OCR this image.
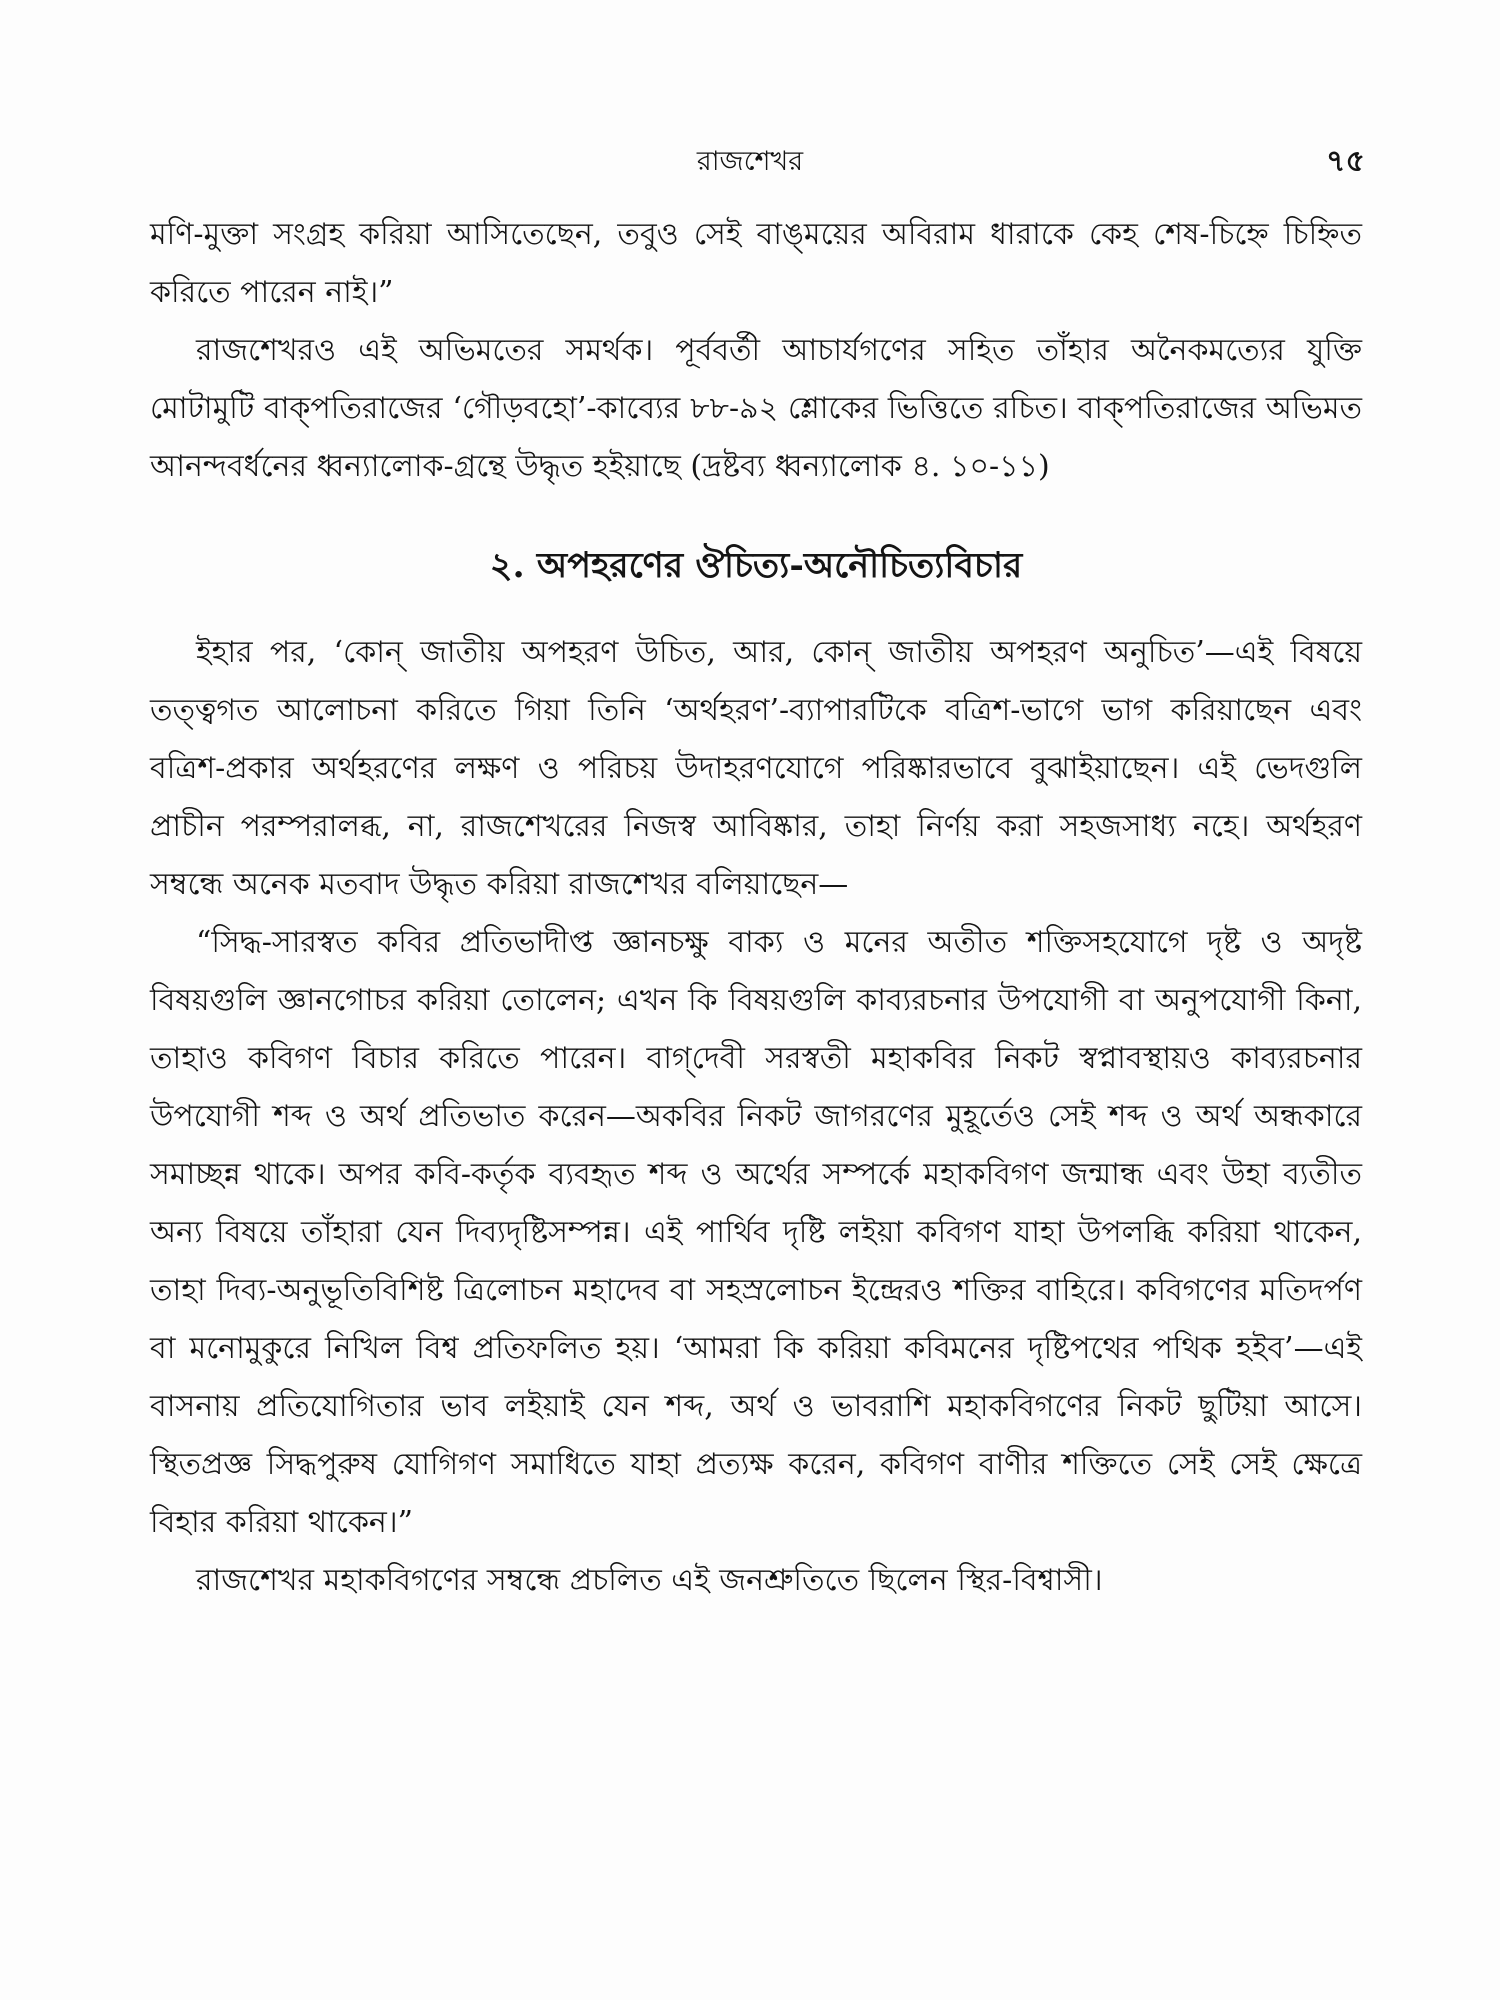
রাজশেখর	৭৫

মণি-মুক্তা সংগ্রহ করিয়া আসিতেছেন, তবুও সেই বাঙ্‌ময়ের অবিরাম ধারাকে কেহ শেষ-চিহ্নে চিহ্নিত করিতে পারেন নাই।”

রাজশেখরও এই অভিমতের সমর্থক। পূর্ববর্তী আচার্যগণের সহিত তাঁহার অনৈকমত্যের যুক্তি মোটামুটি বাক্‌পতিরাজের ‘গৌড়বহো’-কাব্যের ৮৮-৯২ শ্লোকের ভিত্তিতে রচিত। বাক্‌পতিরাজের অভিমত আনন্দবর্ধনের ধ্বন্যালোক-গ্রন্থে উদ্ধৃত হইয়াছে (দ্রষ্টব্য ধ্বন্যালোক ৪. ১০-১১)

২. অপহরণের ঔচিত্য-অনৌচিত্যবিচার

ইহার পর, ‘কোন্ জাতীয় অপহরণ উচিত, আর, কোন্ জাতীয় অপহরণ অনুচিত’—এই বিষয়ে তত্ত্বগত আলোচনা করিতে গিয়া তিনি ‘অর্থহরণ’-ব্যাপারটিকে বত্রিশ-ভাগে ভাগ করিয়াছেন এবং বত্রিশ-প্রকার অর্থহরণের লক্ষণ ও পরিচয় উদাহরণযোগে পরিষ্কারভাবে বুঝাইয়াছেন। এই ভেদগুলি প্রাচীন পরম্পরালব্ধ, না, রাজশেখরের নিজস্ব আবিষ্কার, তাহা নির্ণয় করা সহজসাধ্য নহে। অর্থহরণ সম্বন্ধে অনেক মতবাদ উদ্ধৃত করিয়া রাজশেখর বলিয়াছেন—

“সিদ্ধ-সারস্বত কবির প্রতিভাদীপ্ত জ্ঞানচক্ষু বাক্য ও মনের অতীত শক্তিসহযোগে দৃষ্ট ও অদৃষ্ট বিষয়গুলি জ্ঞানগোচর করিয়া তোলেন; এখন কি বিষয়গুলি কাব্যরচনার উপযোগী বা অনুপযোগী কিনা, তাহাও কবিগণ বিচার করিতে পারেন। বাগ্‌দেবী সরস্বতী মহাকবির নিকট স্বপ্নাবস্থায়ও কাব্যরচনার উপযোগী শব্দ ও অর্থ প্রতিভাত করেন—অকবির নিকট জাগরণের মুহূর্তেও সেই শব্দ ও অর্থ অন্ধকারে সমাচ্ছন্ন থাকে। অপর কবি-কর্তৃক ব্যবহৃত শব্দ ও অর্থের সম্পর্কে মহাকবিগণ জন্মান্ধ এবং উহা ব্যতীত অন্য বিষয়ে তাঁহারা যেন দিব্যদৃষ্টিসম্পন্ন। এই পার্থিব দৃষ্টি লইয়া কবিগণ যাহা উপলব্ধি করিয়া থাকেন, তাহা দিব্য-অনুভূতিবিশিষ্ট ত্রিলোচন মহাদেব বা সহস্রলোচন ইন্দ্রেরও শক্তির বাহিরে। কবিগণের মতিদর্পণ বা মনোমুকুরে নিখিল বিশ্ব প্রতিফলিত হয়। ‘আমরা কি করিয়া কবিমনের দৃষ্টিপথের পথিক হইব’—এই বাসনায় প্রতিযোগিতার ভাব লইয়াই যেন শব্দ, অর্থ ও ভাবরাশি মহাকবিগণের নিকট ছুটিয়া আসে। স্থিতপ্রজ্ঞ সিদ্ধপুরুষ যোগিগণ সমাধিতে যাহা প্রত্যক্ষ করেন, কবিগণ বাণীর শক্তিতে সেই সেই ক্ষেত্রে বিহার করিয়া থাকেন।”

রাজশেখর মহাকবিগণের সম্বন্ধে প্রচলিত এই জনশ্রুতিতে ছিলেন স্থির-বিশ্বাসী।
